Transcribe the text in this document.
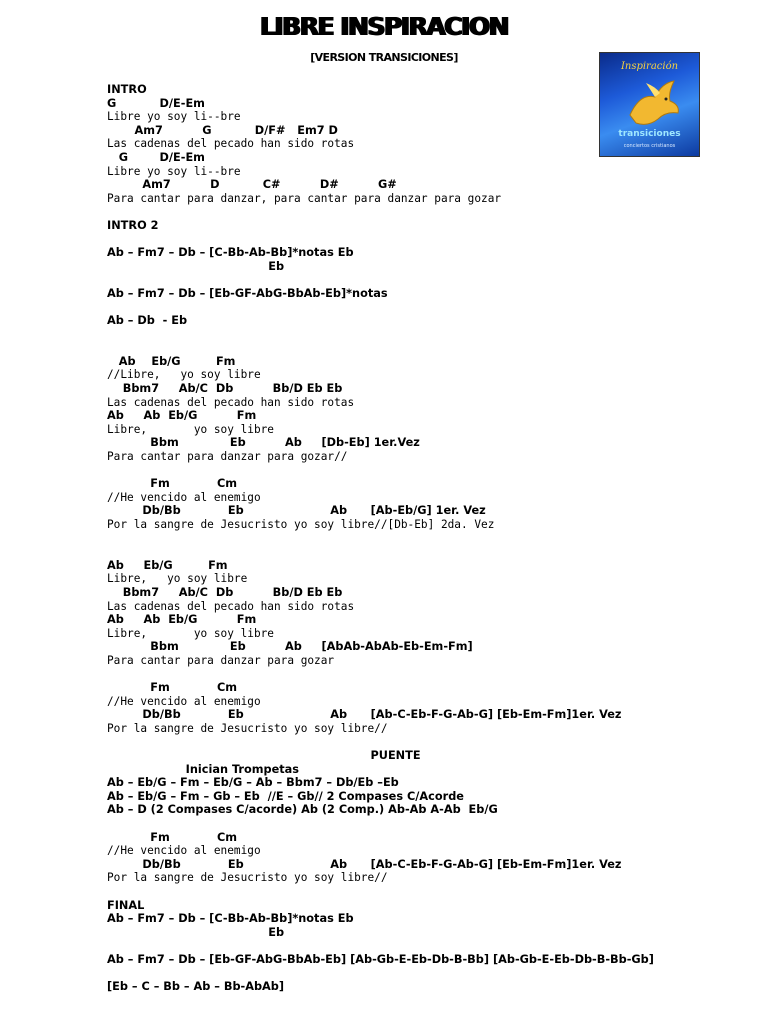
LIBRE INSPIRACION
[VERSION TRANSICIONES]
Inspiración
transiciones
conciertos cristianos
INTRO
G           D/E-Em
Libre yo soy li--bre
Am7          G           D/F#   Em7 D
Las cadenas del pecado han sido rotas
G        D/E-Em
Libre yo soy li--bre
Am7          D           C#          D#          G#
Para cantar para danzar, para cantar para danzar para gozar
INTRO 2
Ab – Fm7 – Db – [C-Bb-Ab-Bb]*notas Eb
Eb
Ab – Fm7 – Db – [Eb-GF-AbG-BbAb-Eb]*notas
Ab – Db  - Eb
Ab    Eb/G         Fm
//Libre,   yo soy libre
Bbm7     Ab/C  Db          Bb/D Eb Eb
Las cadenas del pecado han sido rotas
Ab     Ab  Eb/G          Fm
Libre,       yo soy libre
Bbm             Eb          Ab     [Db-Eb] 1er.Vez
Para cantar para danzar para gozar//
Fm            Cm
//He vencido al enemigo
Db/Bb            Eb                      Ab      [Ab-Eb/G] 1er. Vez
Por la sangre de Jesucristo yo soy libre//[Db-Eb] 2da. Vez
Ab     Eb/G         Fm
Libre,   yo soy libre
Bbm7     Ab/C  Db          Bb/D Eb Eb
Las cadenas del pecado han sido rotas
Ab     Ab  Eb/G          Fm
Libre,       yo soy libre
Bbm             Eb          Ab     [AbAb-AbAb-Eb-Em-Fm]
Para cantar para danzar para gozar
Fm            Cm
//He vencido al enemigo
Db/Bb            Eb                      Ab      [Ab-C-Eb-F-G-Ab-G] [Eb-Em-Fm]1er. Vez
Por la sangre de Jesucristo yo soy libre//
PUENTE
Inician Trompetas
Ab – Eb/G – Fm – Eb/G – Ab – Bbm7 – Db/Eb –Eb
Ab – Eb/G – Fm – Gb – Eb  //E – Gb// 2 Compases C/Acorde
Ab – D (2 Compases C/acorde) Ab (2 Comp.) Ab-Ab A-Ab  Eb/G
Fm            Cm
//He vencido al enemigo
Db/Bb            Eb                      Ab      [Ab-C-Eb-F-G-Ab-G] [Eb-Em-Fm]1er. Vez
Por la sangre de Jesucristo yo soy libre//
FINAL
Ab – Fm7 – Db – [C-Bb-Ab-Bb]*notas Eb
Eb
Ab – Fm7 – Db – [Eb-GF-AbG-BbAb-Eb] [Ab-Gb-E-Eb-Db-B-Bb] [Ab-Gb-E-Eb-Db-B-Bb-Gb]
[Eb – C – Bb – Ab – Bb-AbAb]
